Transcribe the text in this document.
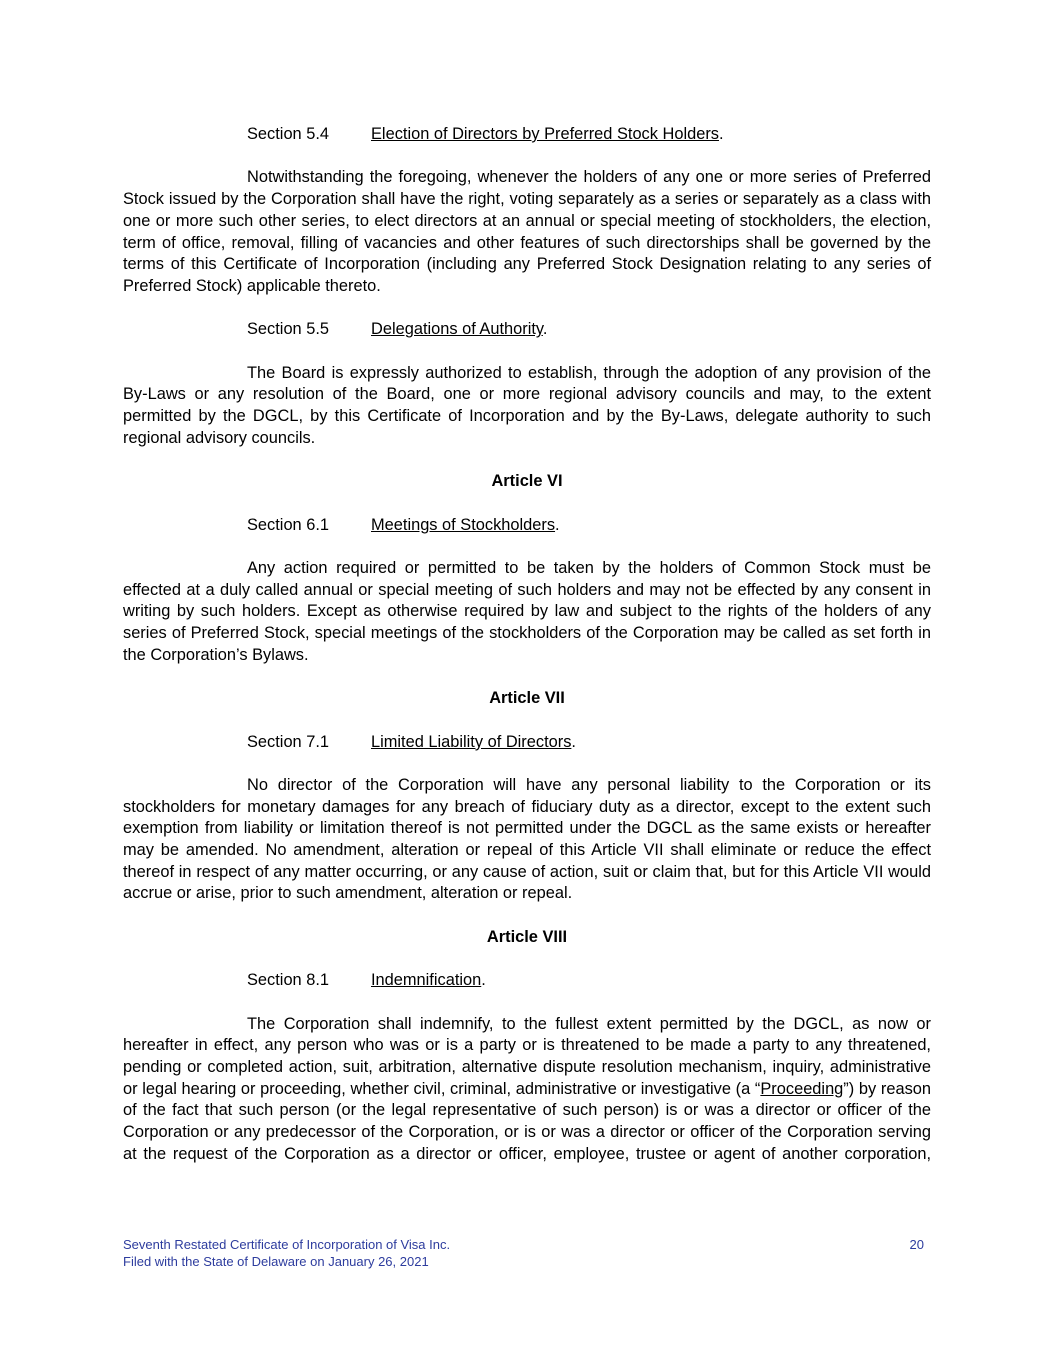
Section 5.4	Election of Directors by Preferred Stock Holders.

Notwithstanding the foregoing, whenever the holders of any one or more series of Preferred Stock issued by the Corporation shall have the right, voting separately as a series or separately as a class with one or more such other series, to elect directors at an annual or special meeting of stockholders, the election, term of office, removal, filling of vacancies and other features of such directorships shall be governed by the terms of this Certificate of Incorporation (including any Preferred Stock Designation relating to any series of Preferred Stock) applicable thereto.

Section 5.5	Delegations of Authority.

The Board is expressly authorized to establish, through the adoption of any provision of the By-Laws or any resolution of the Board, one or more regional advisory councils and may, to the extent permitted by the DGCL, by this Certificate of Incorporation and by the By-Laws, delegate authority to such regional advisory councils.

Article VI

Section 6.1	Meetings of Stockholders.

Any action required or permitted to be taken by the holders of Common Stock must be effected at a duly called annual or special meeting of such holders and may not be effected by any consent in writing by such holders. Except as otherwise required by law and subject to the rights of the holders of any series of Preferred Stock, special meetings of the stockholders of the Corporation may be called as set forth in the Corporation’s Bylaws.

Article VII

Section 7.1	Limited Liability of Directors.

No director of the Corporation will have any personal liability to the Corporation or its stockholders for monetary damages for any breach of fiduciary duty as a director, except to the extent such exemption from liability or limitation thereof is not permitted under the DGCL as the same exists or hereafter may be amended. No amendment, alteration or repeal of this Article VII shall eliminate or reduce the effect thereof in respect of any matter occurring, or any cause of action, suit or claim that, but for this Article VII would accrue or arise, prior to such amendment, alteration or repeal.

Article VIII

Section 8.1	Indemnification.

The Corporation shall indemnify, to the fullest extent permitted by the DGCL, as now or hereafter in effect, any person who was or is a party or is threatened to be made a party to any threatened, pending or completed action, suit, arbitration, alternative dispute resolution mechanism, inquiry, administrative or legal hearing or proceeding, whether civil, criminal, administrative or investigative (a “Proceeding”) by reason of the fact that such person (or the legal representative of such person) is or was a director or officer of the Corporation or any predecessor of the Corporation, or is or was a director or officer of the Corporation serving at the request of the Corporation as a director or officer, employee, trustee or agent of another corporation,

Seventh Restated Certificate of Incorporation of Visa Inc.
Filed with the State of Delaware on January 26, 2021
20
